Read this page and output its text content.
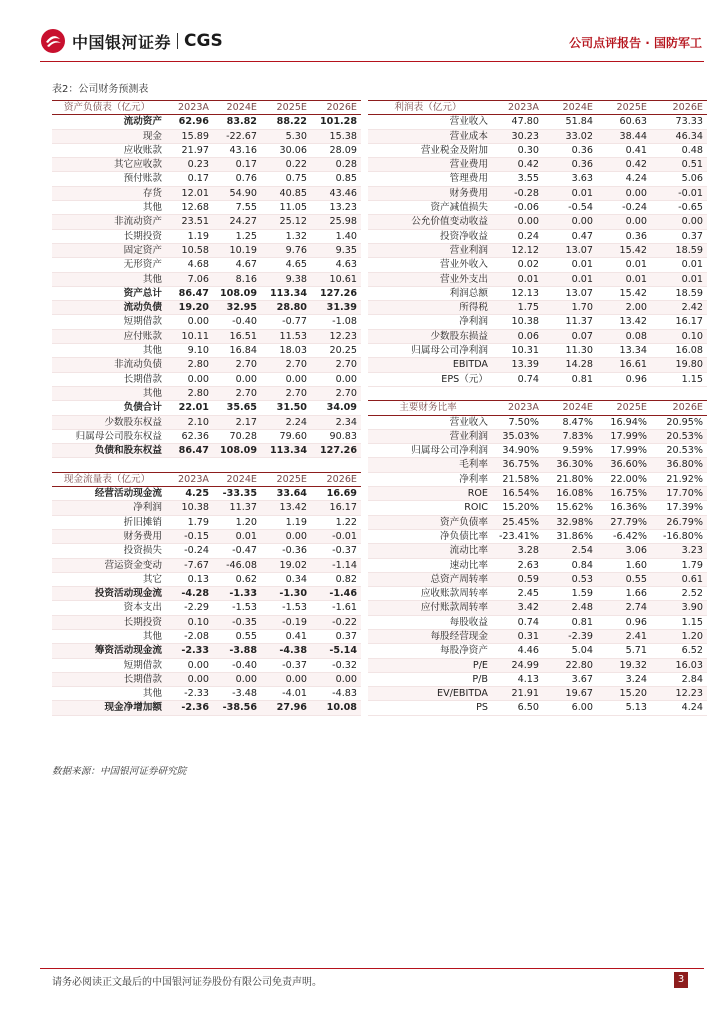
中国银河证券 CGS	公司点评报告 · 国防军工
表2：公司财务预测表
资产负债表（亿元）	2023A	2024E	2025E	2026E
流动资产	62.96	83.82	88.22	101.28
现金	15.89	-22.67	5.30	15.38
应收账款	21.97	43.16	30.06	28.09
其它应收款	0.23	0.17	0.22	0.28
预付账款	0.17	0.76	0.75	0.85
存货	12.01	54.90	40.85	43.46
其他	12.68	7.55	11.05	13.23
非流动资产	23.51	24.27	25.12	25.98
长期投资	1.19	1.25	1.32	1.40
固定资产	10.58	10.19	9.76	9.35
无形资产	4.68	4.67	4.65	4.63
其他	7.06	8.16	9.38	10.61
资产总计	86.47	108.09	113.34	127.26
流动负债	19.20	32.95	28.80	31.39
短期借款	0.00	-0.40	-0.77	-1.08
应付账款	10.11	16.51	11.53	12.23
其他	9.10	16.84	18.03	20.25
非流动负债	2.80	2.70	2.70	2.70
长期借款	0.00	0.00	0.00	0.00
其他	2.80	2.70	2.70	2.70
负债合计	22.01	35.65	31.50	34.09
少数股东权益	2.10	2.17	2.24	2.34
归属母公司股东权益	62.36	70.28	79.60	90.83
负债和股东权益	86.47	108.09	113.34	127.26

现金流量表（亿元）	2023A	2024E	2025E	2026E
经营活动现金流	4.25	-33.35	33.64	16.69
净利润	10.38	11.37	13.42	16.17
折旧摊销	1.79	1.20	1.19	1.22
财务费用	-0.15	0.01	0.00	-0.01
投资损失	-0.24	-0.47	-0.36	-0.37
营运资金变动	-7.67	-46.08	19.02	-1.14
其它	0.13	0.62	0.34	0.82
投资活动现金流	-4.28	-1.33	-1.30	-1.46
资本支出	-2.29	-1.53	-1.53	-1.61
长期投资	0.10	-0.35	-0.19	-0.22
其他	-2.08	0.55	0.41	0.37
筹资活动现金流	-2.33	-3.88	-4.38	-5.14
短期借款	0.00	-0.40	-0.37	-0.32
长期借款	0.00	0.00	0.00	0.00
其他	-2.33	-3.48	-4.01	-4.83
现金净增加额	-2.36	-38.56	27.96	10.08
利润表（亿元）	2023A	2024E	2025E	2026E
营业收入	47.80	51.84	60.63	73.33
营业成本	30.23	33.02	38.44	46.34
营业税金及附加	0.30	0.36	0.41	0.48
营业费用	0.42	0.36	0.42	0.51
管理费用	3.55	3.63	4.24	5.06
财务费用	-0.28	0.01	0.00	-0.01
资产减值损失	-0.06	-0.54	-0.24	-0.65
公允价值变动收益	0.00	0.00	0.00	0.00
投资净收益	0.24	0.47	0.36	0.37
营业利润	12.12	13.07	15.42	18.59
营业外收入	0.02	0.01	0.01	0.01
营业外支出	0.01	0.01	0.01	0.01
利润总额	12.13	13.07	15.42	18.59
所得税	1.75	1.70	2.00	2.42
净利润	10.38	11.37	13.42	16.17
少数股东损益	0.06	0.07	0.08	0.10
归属母公司净利润	10.31	11.30	13.34	16.08
EBITDA	13.39	14.28	16.61	19.80
EPS（元）	0.74	0.81	0.96	1.15

主要财务比率	2023A	2024E	2025E	2026E
营业收入	7.50%	8.47%	16.94%	20.95%
营业利润	35.03%	7.83%	17.99%	20.53%
归属母公司净利润	34.90%	9.59%	17.99%	20.53%
毛利率	36.75%	36.30%	36.60%	36.80%
净利率	21.58%	21.80%	22.00%	21.92%
ROE	16.54%	16.08%	16.75%	17.70%
ROIC	15.20%	15.62%	16.36%	17.39%
资产负债率	25.45%	32.98%	27.79%	26.79%
净负债比率	-23.41%	31.86%	-6.42%	-16.80%
流动比率	3.28	2.54	3.06	3.23
速动比率	2.63	0.84	1.60	1.79
总资产周转率	0.59	0.53	0.55	0.61
应收账款周转率	2.45	1.59	1.66	2.52
应付账款周转率	3.42	2.48	2.74	3.90
每股收益	0.74	0.81	0.96	1.15
每股经营现金	0.31	-2.39	2.41	1.20
每股净资产	4.46	5.04	5.71	6.52
P/E	24.99	22.80	19.32	16.03
P/B	4.13	3.67	3.24	2.84
EV/EBITDA	21.91	19.67	15.20	12.23
PS	6.50	6.00	5.13	4.24
数据来源：中国银河证券研究院
请务必阅读正文最后的中国银河证券股份有限公司免责声明。	3
